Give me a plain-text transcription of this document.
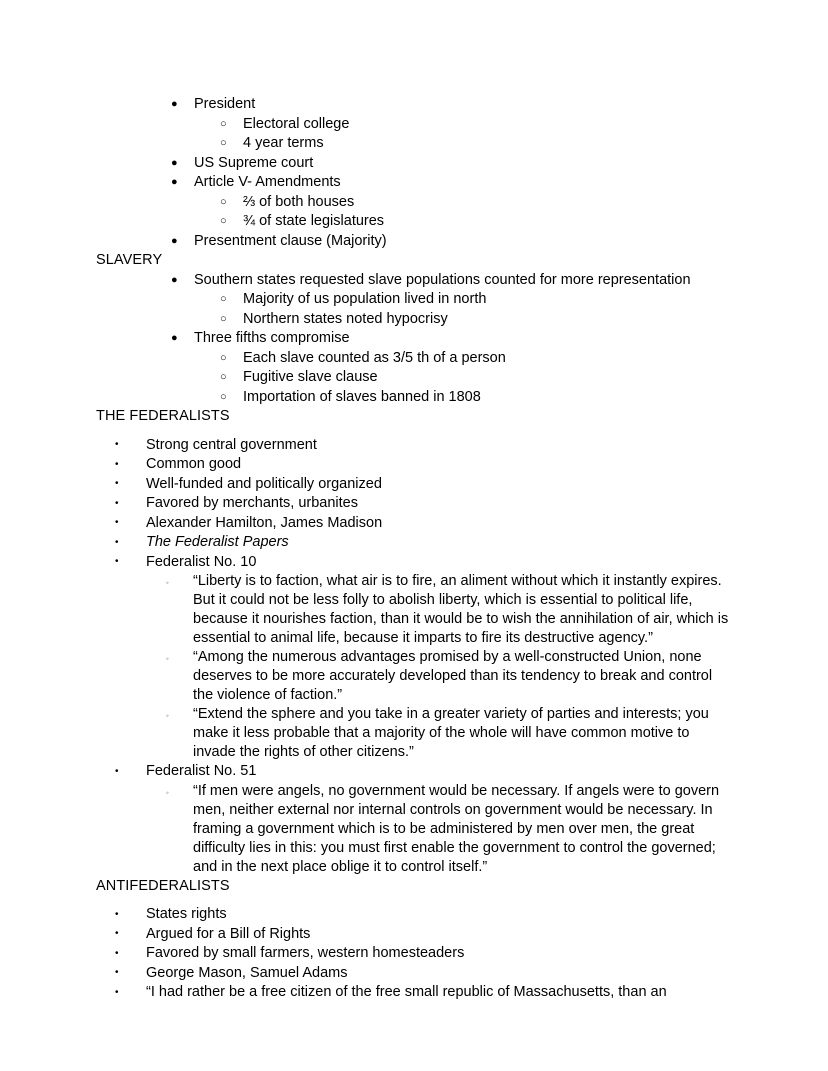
● President
○ Electoral college
○ 4 year terms
● US Supreme court
● Article V- Amendments
○ ⅔ of both houses
○ ¾ of state legislatures
● Presentment clause (Majority)
SLAVERY
● Southern states requested slave populations counted for more representation
○ Majority of us population lived in north
○ Northern states noted hypocrisy
● Three fifths compromise
○ Each slave counted as 3/5 th of a person
○ Fugitive slave clause
○ Importation of slaves banned in 1808
THE FEDERALISTS
• Strong central government
• Common good
• Well-funded and politically organized
• Favored by merchants, urbanites
• Alexander Hamilton, James Madison
• The Federalist Papers
• Federalist No. 10
◦ “Liberty is to faction, what air is to fire, an aliment without which it instantly expires. But it could not be less folly to abolish liberty, which is essential to political life, because it nourishes faction, than it would be to wish the annihilation of air, which is essential to animal life, because it imparts to fire its destructive agency.”
◦ “Among the numerous advantages promised by a well-constructed Union, none deserves to be more accurately developed than its tendency to break and control the violence of faction.”
◦ “Extend the sphere and you take in a greater variety of parties and interests; you make it less probable that a majority of the whole will have common motive to invade the rights of other citizens.”
• Federalist No. 51
◦ “If men were angels, no government would be necessary. If angels were to govern men, neither external nor internal controls on government would be necessary. In framing a government which is to be administered by men over men, the great difficulty lies in this: you must first enable the government to control the governed; and in the next place oblige it to control itself.”
ANTIFEDERALISTS
• States rights
• Argued for a Bill of Rights
• Favored by small farmers, western homesteaders
• George Mason, Samuel Adams
• “I had rather be a free citizen of the free small republic of Massachusetts, than an
